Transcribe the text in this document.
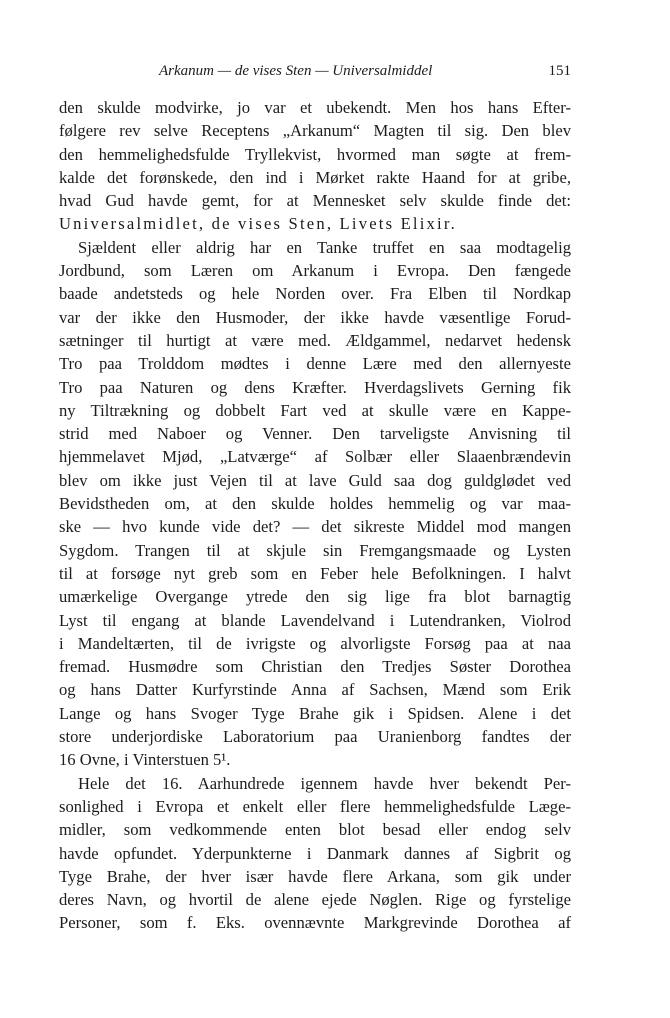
Arkanum — de vises Sten — Universalmiddel	151
den skulde modvirke, jo var et ubekendt. Men hos hans Efter-
følgere rev selve Receptens „Arkanum“ Magten til sig. Den blev
den hemmelighedsfulde Tryllekvist, hvormed man søgte at frem-
kalde det forønskede, den ind i Mørket rakte Haand for at gribe,
hvad Gud havde gemt, for at Mennesket selv skulde finde det:
Universalmidlet, de vises Sten, Livets Elixir.
Sjældent eller aldrig har en Tanke truffet en saa modtagelig
Jordbund, som Læren om Arkanum i Evropa. Den fængede
baade andetsteds og hele Norden over. Fra Elben til Nordkap
var der ikke den Husmoder, der ikke havde væsentlige Forud-
sætninger til hurtigt at være med. Ældgammel, nedarvet hedensk
Tro paa Trolddom mødtes i denne Lære med den allernyeste
Tro paa Naturen og dens Kræfter. Hverdagslivets Gerning fik
ny Tiltrækning og dobbelt Fart ved at skulle være en Kappe-
strid med Naboer og Venner. Den tarveligste Anvisning til
hjemmelavet Mjød, „Latværge“ af Solbær eller Slaaenbrændevin
blev om ikke just Vejen til at lave Guld saa dog guldglødet ved
Bevidstheden om, at den skulde holdes hemmelig og var maa-
ske — hvo kunde vide det? — det sikreste Middel mod mangen
Sygdom. Trangen til at skjule sin Fremgangsmaade og Lysten
til at forsøge nyt greb som en Feber hele Befolkningen. I halvt
umærkelige Overgange ytrede den sig lige fra blot barnagtig
Lyst til engang at blande Lavendelvand i Lutendranken, Violrod
i Mandeltærten, til de ivrigste og alvorligste Forsøg paa at naa
fremad. Husmødre som Christian den Tredjes Søster Dorothea
og hans Datter Kurfyrstinde Anna af Sachsen, Mænd som Erik
Lange og hans Svoger Tyge Brahe gik i Spidsen. Alene i det
store underjordiske Laboratorium paa Uranienborg fandtes der
16 Ovne, i Vinterstuen 5¹.
Hele det 16. Aarhundrede igennem havde hver bekendt Per-
sonlighed i Evropa et enkelt eller flere hemmelighedsfulde Læge-
midler, som vedkommende enten blot besad eller endog selv
havde opfundet. Yderpunkterne i Danmark dannes af Sigbrit og
Tyge Brahe, der hver især havde flere Arkana, som gik under
deres Navn, og hvortil de alene ejede Nøglen. Rige og fyrstelige
Personer, som f. Eks. ovennævnte Markgrevinde Dorothea af
